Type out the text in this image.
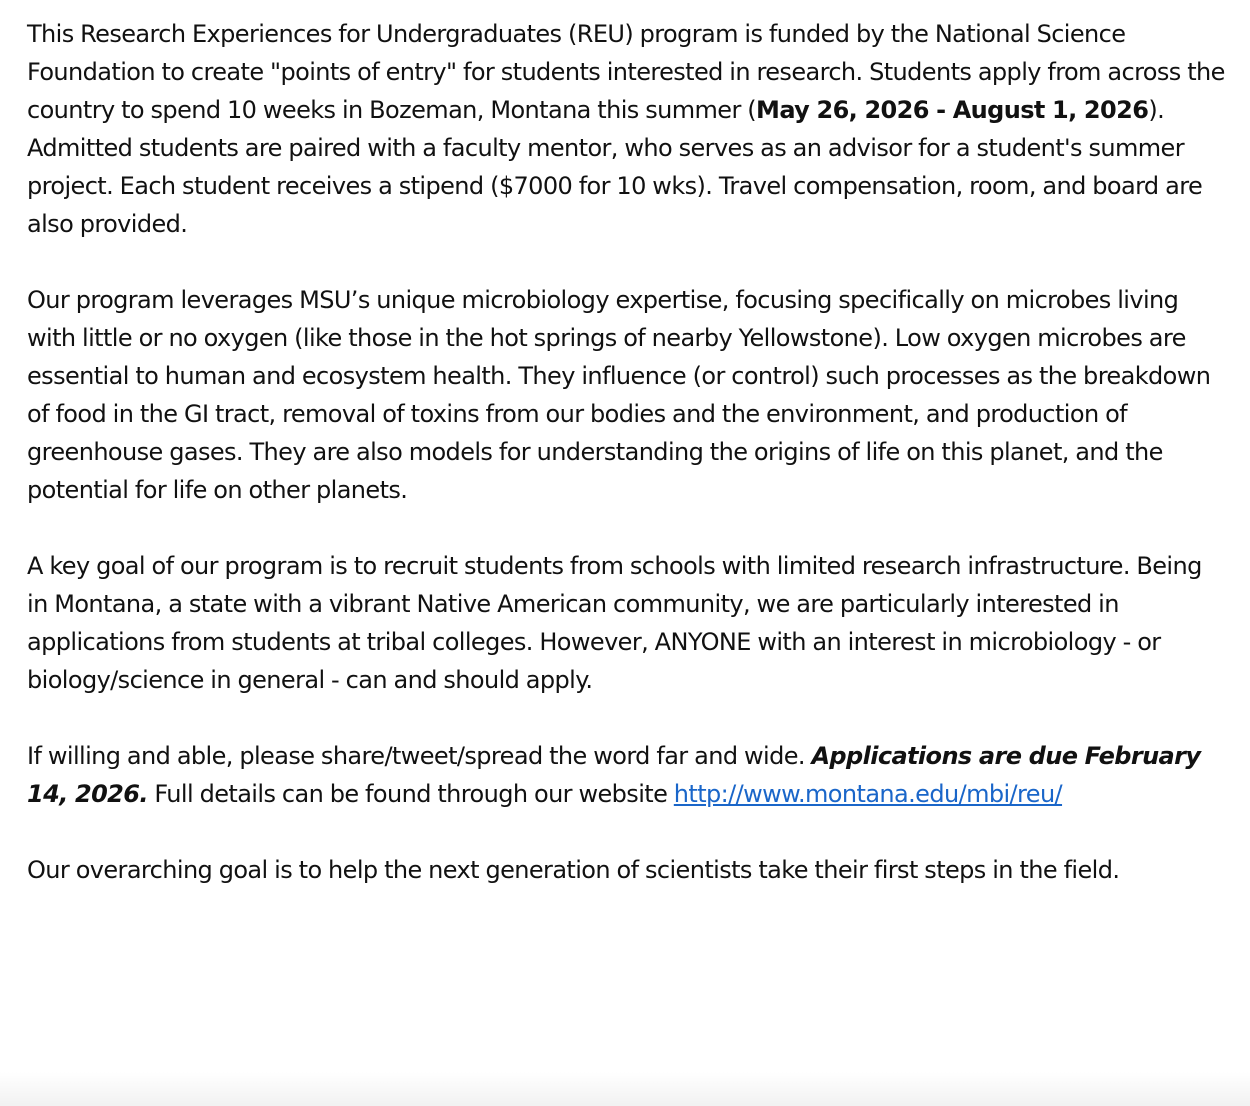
This Research Experiences for Undergraduates (REU) program is funded by the National Science Foundation to create "points of entry" for students interested in research. Students apply from across the country to spend 10 weeks in Bozeman, Montana this summer (May 26, 2026 - August 1, 2026). Admitted students are paired with a faculty mentor, who serves as an advisor for a student's summer project. Each student receives a stipend ($7000 for 10 wks). Travel compensation, room, and board are also provided.

Our program leverages MSU’s unique microbiology expertise, focusing specifically on microbes living with little or no oxygen (like those in the hot springs of nearby Yellowstone). Low oxygen microbes are essential to human and ecosystem health. They influence (or control) such processes as the breakdown of food in the GI tract, removal of toxins from our bodies and the environment, and production of greenhouse gases. They are also models for understanding the origins of life on this planet, and the potential for life on other planets.

A key goal of our program is to recruit students from schools with limited research infrastructure. Being in Montana, a state with a vibrant Native American community, we are particularly interested in applications from students at tribal colleges. However, ANYONE with an interest in microbiology - or biology/science in general - can and should apply.

If willing and able, please share/tweet/spread the word far and wide. Applications are due February 14, 2026. Full details can be found through our website http://www.montana.edu/mbi/reu/

Our overarching goal is to help the next generation of scientists take their first steps in the field.
